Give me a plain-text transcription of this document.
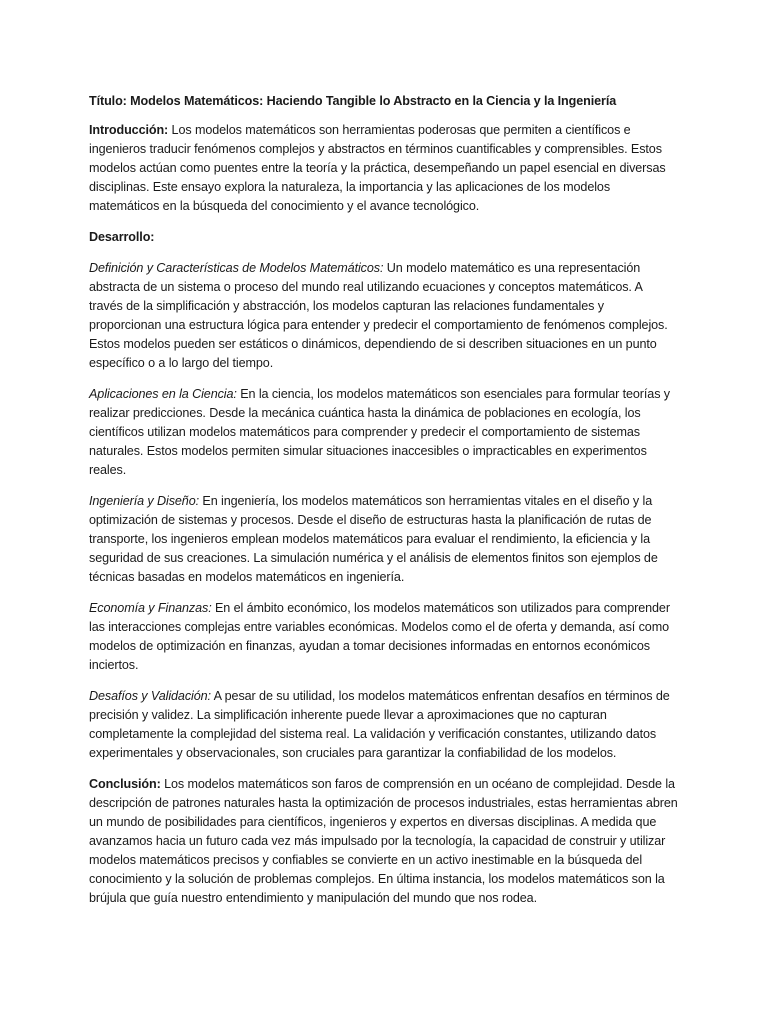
Título: Modelos Matemáticos: Haciendo Tangible lo Abstracto en la Ciencia y la Ingeniería

Introducción: Los modelos matemáticos son herramientas poderosas que permiten a científicos e ingenieros traducir fenómenos complejos y abstractos en términos cuantificables y comprensibles. Estos modelos actúan como puentes entre la teoría y la práctica, desempeñando un papel esencial en diversas disciplinas. Este ensayo explora la naturaleza, la importancia y las aplicaciones de los modelos matemáticos en la búsqueda del conocimiento y el avance tecnológico.

Desarrollo:

Definición y Características de Modelos Matemáticos: Un modelo matemático es una representación abstracta de un sistema o proceso del mundo real utilizando ecuaciones y conceptos matemáticos. A través de la simplificación y abstracción, los modelos capturan las relaciones fundamentales y proporcionan una estructura lógica para entender y predecir el comportamiento de fenómenos complejos. Estos modelos pueden ser estáticos o dinámicos, dependiendo de si describen situaciones en un punto específico o a lo largo del tiempo.

Aplicaciones en la Ciencia: En la ciencia, los modelos matemáticos son esenciales para formular teorías y realizar predicciones. Desde la mecánica cuántica hasta la dinámica de poblaciones en ecología, los científicos utilizan modelos matemáticos para comprender y predecir el comportamiento de sistemas naturales. Estos modelos permiten simular situaciones inaccesibles o impracticables en experimentos reales.

Ingeniería y Diseño: En ingeniería, los modelos matemáticos son herramientas vitales en el diseño y la optimización de sistemas y procesos. Desde el diseño de estructuras hasta la planificación de rutas de transporte, los ingenieros emplean modelos matemáticos para evaluar el rendimiento, la eficiencia y la seguridad de sus creaciones. La simulación numérica y el análisis de elementos finitos son ejemplos de técnicas basadas en modelos matemáticos en ingeniería.

Economía y Finanzas: En el ámbito económico, los modelos matemáticos son utilizados para comprender las interacciones complejas entre variables económicas. Modelos como el de oferta y demanda, así como modelos de optimización en finanzas, ayudan a tomar decisiones informadas en entornos económicos inciertos.

Desafíos y Validación: A pesar de su utilidad, los modelos matemáticos enfrentan desafíos en términos de precisión y validez. La simplificación inherente puede llevar a aproximaciones que no capturan completamente la complejidad del sistema real. La validación y verificación constantes, utilizando datos experimentales y observacionales, son cruciales para garantizar la confiabilidad de los modelos.

Conclusión: Los modelos matemáticos son faros de comprensión en un océano de complejidad. Desde la descripción de patrones naturales hasta la optimización de procesos industriales, estas herramientas abren un mundo de posibilidades para científicos, ingenieros y expertos en diversas disciplinas. A medida que avanzamos hacia un futuro cada vez más impulsado por la tecnología, la capacidad de construir y utilizar modelos matemáticos precisos y confiables se convierte en un activo inestimable en la búsqueda del conocimiento y la solución de problemas complejos. En última instancia, los modelos matemáticos son la brújula que guía nuestro entendimiento y manipulación del mundo que nos rodea.
